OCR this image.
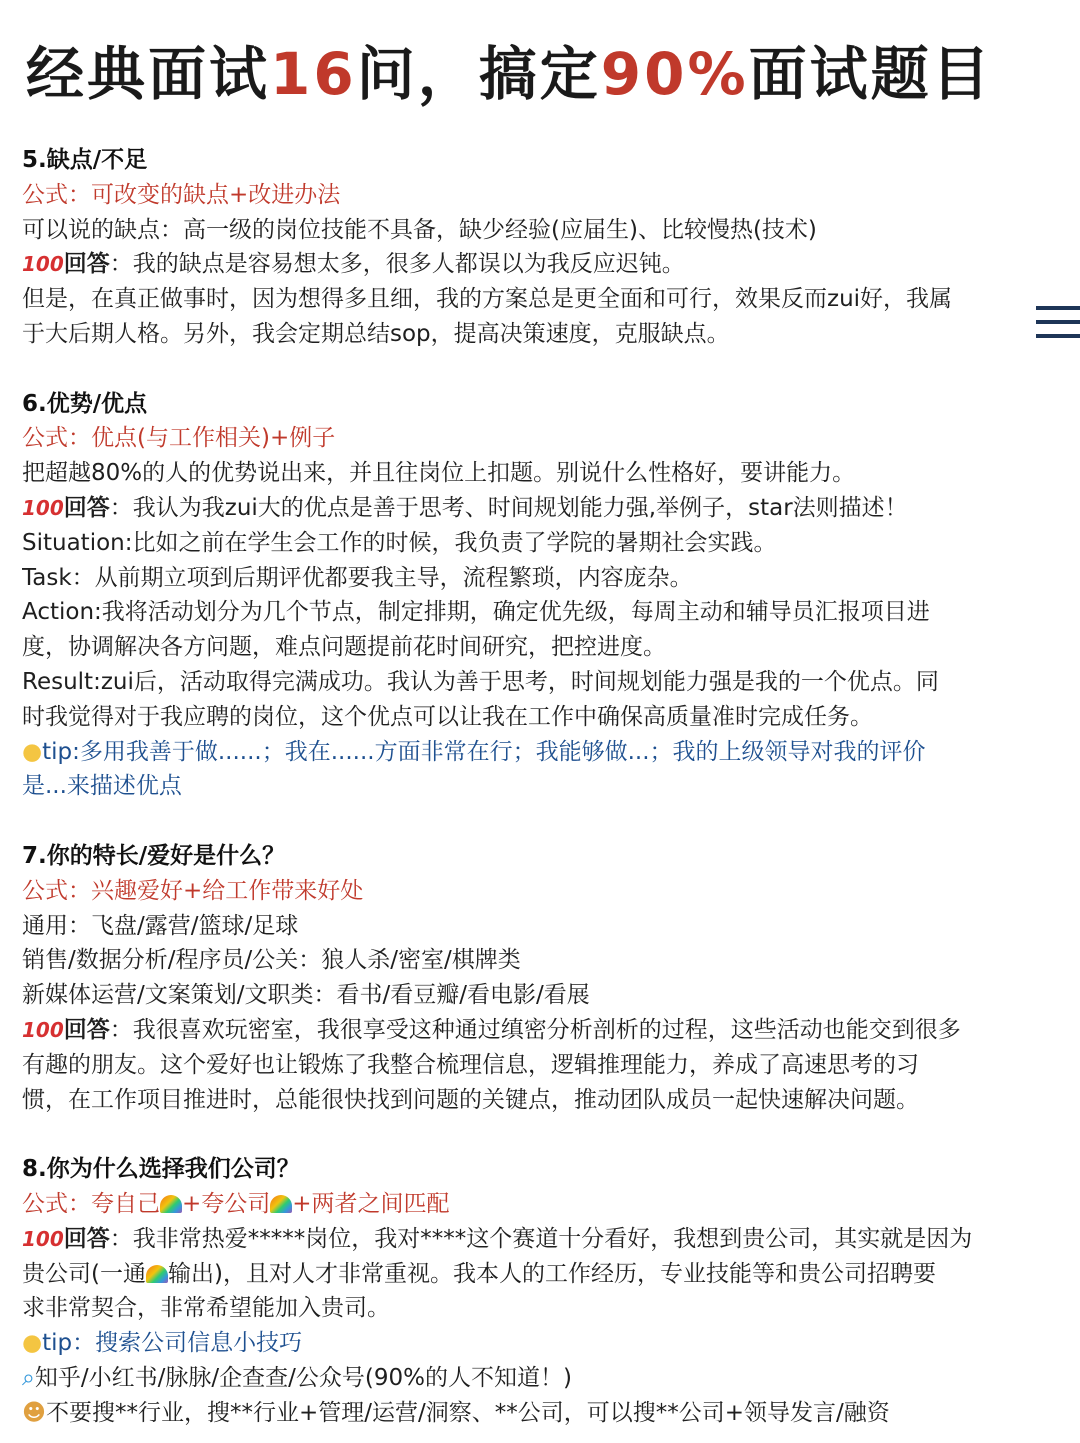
经典面试16问，搞定90%面试题目
5.缺点/不足
公式：可改变的缺点+改进办法
可以说的缺点：高一级的岗位技能不具备，缺少经验(应届生)、比较慢热(技术)
100回答：我的缺点是容易想太多，很多人都误以为我反应迟钝。
但是，在真正做事时，因为想得多且细，我的方案总是更全面和可行，效果反而zui好，我属
于大后期人格。另外，我会定期总结sop，提高决策速度，克服缺点。
6.优势/优点
公式：优点(与工作相关)+例子
把超越80%的人的优势说出来，并且往岗位上扣题。别说什么性格好，要讲能力。
100回答：我认为我zui大的优点是善于思考、时间规划能力强,举例子，star法则描述！
Situation:比如之前在学生会工作的时候，我负责了学院的暑期社会实践。
Task：从前期立项到后期评优都要我主导，流程繁琐，内容庞杂。
Action:我将活动划分为几个节点，制定排期，确定优先级，每周主动和辅导员汇报项目进
度，协调解决各方问题，难点问题提前花时间研究，把控进度。
Result:zui后，活动取得完满成功。我认为善于思考，时间规划能力强是我的一个优点。同
时我觉得对于我应聘的岗位，这个优点可以让我在工作中确保高质量准时完成任务。
●tip:多用我善于做......；我在......方面非常在行；我能够做...；我的上级领导对我的评价
是...来描述优点
7.你的特长/爱好是什么？
公式：兴趣爱好+给工作带来好处
通用：飞盘/露营/篮球/足球
销售/数据分析/程序员/公关：狼人杀/密室/棋牌类
新媒体运营/文案策划/文职类：看书/看豆瓣/看电影/看展
100回答：我很喜欢玩密室，我很享受这种通过缜密分析剖析的过程，这些活动也能交到很多
有趣的朋友。这个爱好也让锻炼了我整合梳理信息，逻辑推理能力，养成了高速思考的习
惯，在工作项目推进时，总能很快找到问题的关键点，推动团队成员一起快速解决问题。
8.你为什么选择我们公司？
公式：夸自己 +夸公司 +两者之间匹配
100回答：我非常热爱*****岗位，我对****这个赛道十分看好，我想到贵公司，其实就是因为
贵公司(一通 输出)，且对人才非常重视。我本人的工作经历，专业技能等和贵公司招聘要
求非常契合，非常希望能加入贵司。
●tip：搜索公司信息小技巧
⌕知乎/小红书/脉脉/企查查/公众号(90%的人不知道！)
☻不要搜**行业，搜**行业+管理/运营/洞察、**公司，可以搜**公司+领导发言/融资
